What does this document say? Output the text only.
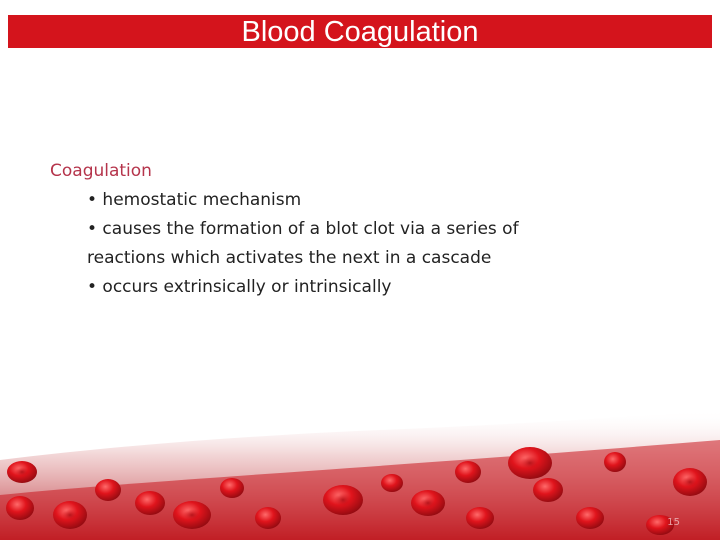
Blood Coagulation
Coagulation
• hemostatic mechanism
• causes the formation of a blot clot via a series of
reactions which activates the next in a cascade
• occurs extrinsically or intrinsically
15
